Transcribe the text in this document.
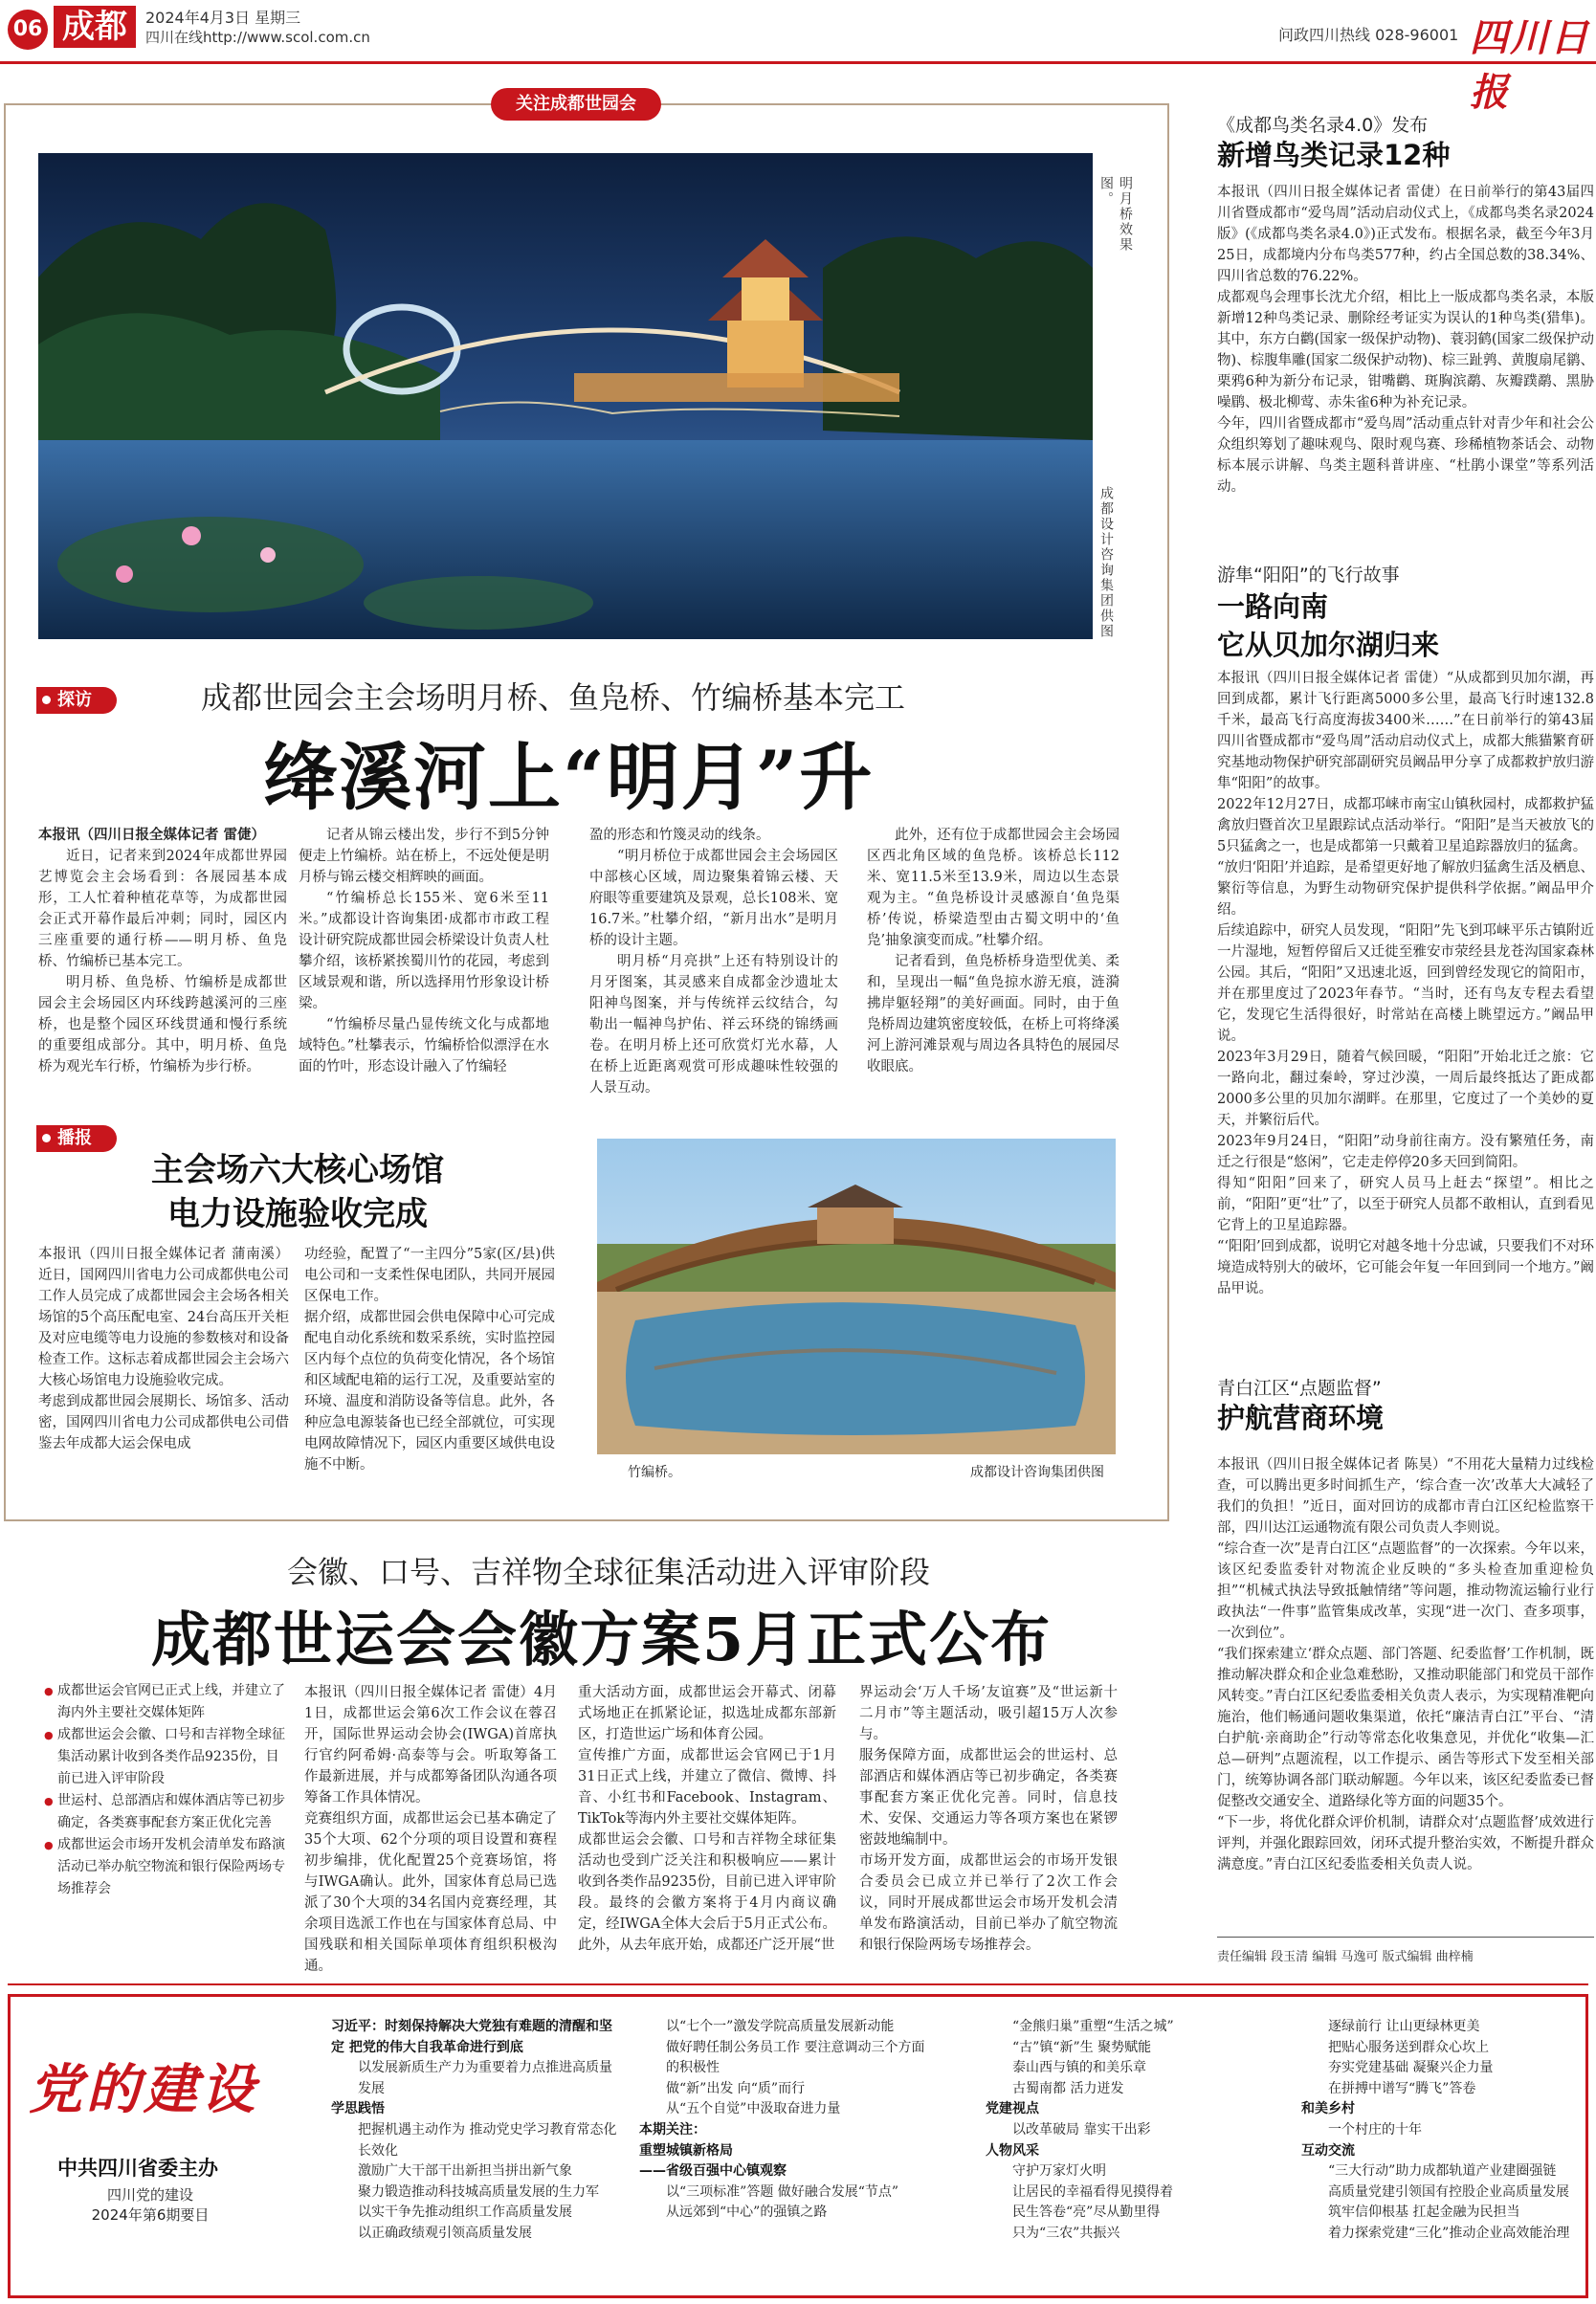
06 成都	2024年4月3日 星期三
四川在线http://www.scol.com.cn	问政四川热线 028-96001 四川日报
关注成都世园会
明月桥效果图。
成都设计咨询集团供图
探访	成都世园会主会场明月桥、鱼凫桥、竹编桥基本完工
绛溪河上“明月”升
本报讯（四川日报全媒体记者 雷倢）

近日，记者来到2024年成都世界园艺博览会主会场看到：各展园基本成形，工人忙着种植花草等，为成都世园会正式开幕作最后冲刺；同时，园区内三座重要的通行桥——明月桥、鱼凫桥、竹编桥已基本完工。

明月桥、鱼凫桥、竹编桥是成都世园会主会场园区内环线跨越溪河的三座桥，也是整个园区环线贯通和慢行系统的重要组成部分。其中，明月桥、鱼凫桥为观光车行桥，竹编桥为步行桥。

记者从锦云楼出发，步行不到5分钟便走上竹编桥。站在桥上，不远处便是明月桥与锦云楼交相辉映的画面。

“竹编桥总长155米、宽6米至11米。”成都设计咨询集团·成都市市政工程设计研究院成都世园会桥梁设计负责人杜攀介绍，该桥紧挨蜀川竹的花园，考虑到区域景观和谐，所以选择用竹形象设计桥梁。

“竹编桥尽量凸显传统文化与成都地域特色。”杜攀表示，竹编桥恰似漂浮在水面的竹叶，形态设计融入了竹编轻

盈的形态和竹篾灵动的线条。

“明月桥位于成都世园会主会场园区中部核心区域，周边聚集着锦云楼、天府眼等重要建筑及景观，总长108米、宽16.7米。”杜攀介绍，“新月出水”是明月桥的设计主题。

明月桥“月亮拱”上还有特别设计的月牙图案，其灵感来自成都金沙遗址太阳神鸟图案，并与传统祥云纹结合，勾勒出一幅神鸟护佑、祥云环绕的锦绣画卷。在明月桥上还可欣赏灯光水幕，人在桥上近距离观赏可形成趣味性较强的人景互动。

此外，还有位于成都世园会主会场园区西北角区域的鱼凫桥。该桥总长112米、宽11.5米至13.9米，周边以生态景观为主。“鱼凫桥设计灵感源自‘鱼凫渠桥’传说，桥梁造型由古蜀文明中的‘鱼凫’抽象演变而成。”杜攀介绍。

记者看到，鱼凫桥桥身造型优美、柔和，呈现出一幅“鱼凫掠水游无痕，涟漪拂岸躯轻翔”的美好画面。同时，由于鱼凫桥周边建筑密度较低，在桥上可将绛溪河上游河滩景观与周边各具特色的展园尽收眼底。

播报
主会场六大核心场馆
电力设施验收完成
本报讯（四川日报全媒体记者 蒲南溪）近日，国网四川省电力公司成都供电公司工作人员完成了成都世园会主会场各相关场馆的5个高压配电室、24台高压开关柜及对应电缆等电力设施的参数核对和设备检查工作。这标志着成都世园会主会场六大核心场馆电力设施验收完成。
考虑到成都世园会展期长、场馆多、活动密，国网四川省电力公司成都供电公司借鉴去年成都大运会保电成
功经验，配置了“一主四分”5家(区/县)供电公司和一支柔性保电团队，共同开展园区保电工作。
据介绍，成都世园会供电保障中心可完成配电自动化系统和数采系统，实时监控园区内每个点位的负荷变化情况，各个场馆和区域配电箱的运行工况，及重要站室的环境、温度和消防设备等信息。此外，各种应急电源装备也已经全部就位，可实现电网故障情况下，园区内重要区域供电设施不中断。	竹编桥。	成都设计咨询集团供图
会徽、口号、吉祥物全球征集活动进入评审阶段
成都世运会会徽方案5月正式公布
● 成都世运会官网已正式上线，并建立了海内外主要社交媒体矩阵
● 成都世运会会徽、口号和吉祥物全球征集活动累计收到各类作品9235份，目前已进入评审阶段
● 世运村、总部酒店和媒体酒店等已初步确定，各类赛事配套方案正优化完善
● 成都世运会市场开发机会清单发布路演活动已举办航空物流和银行保险两场专场推荐会
本报讯（四川日报全媒体记者 雷倢）4月1日，成都世运会第6次工作会议在蓉召开，国际世界运动会协会(IWGA)首席执行官约阿希姆·高泰等与会。听取筹备工作最新进展，并与成都筹备团队沟通各项筹备工作具体情况。
竞赛组织方面，成都世运会已基本确定了35个大项、62个分项的项目设置和赛程初步编排，优化配置25个竞赛场馆，将与IWGA确认。此外，国家体育总局已选派了30个大项的34名国内竞赛经理，其余项目选派工作也在与国家体育总局、中国残联和相关国际单项体育组织积极沟通。
重大活动方面，成都世运会开幕式、闭幕式场地正在抓紧论证，拟选址成都东部新区，打造世运广场和体育公园。
宣传推广方面，成都世运会官网已于1月31日正式上线，并建立了微信、微博、抖音、小红书和Facebook、Instagram、TikTok等海内外主要社交媒体矩阵。
成都世运会会徽、口号和吉祥物全球征集活动也受到广泛关注和积极响应——累计收到各类作品9235份，目前已进入评审阶段。最终的会徽方案将于4月内商议确定，经IWGA全体大会后于5月正式公布。此外，从去年底开始，成都还广泛开展“世
界运动会‘万人千场’友谊赛”及“世运新十二月市”等主题活动，吸引超15万人次参与。
服务保障方面，成都世运会的世运村、总部酒店和媒体酒店等已初步确定，各类赛事配套方案正优化完善。同时，信息技术、安保、交通运力等各项方案也在紧锣密鼓地编制中。
市场开发方面，成都世运会的市场开发银合委员会已成立并已举行了2次工作会议，同时开展成都世运会市场开发机会清单发布路演活动，目前已举办了航空物流和银行保险两场专场推荐会。
《成都鸟类名录4.0》发布
新增鸟类记录12种
本报讯（四川日报全媒体记者 雷倢）在日前举行的第43届四川省暨成都市“爱鸟周”活动启动仪式上，《成都鸟类名录2024版》(《成都鸟类名录4.0》)正式发布。根据名录，截至今年3月25日，成都境内分布鸟类577种，约占全国总数的38.34%、四川省总数的76.22%。
成都观鸟会理事长沈尤介绍，相比上一版成都鸟类名录，本版新增12种鸟类记录、删除经考证实为误认的1种鸟类(猎隼)。其中，东方白鹳(国家一级保护动物)、蓑羽鹤(国家二级保护动物)、棕腹隼雕(国家二级保护动物)、棕三趾鹑、黄腹扇尾鹟、栗鸦6种为新分布记录，钳嘴鹳、斑胸滨鹬、灰瓣蹼鹬、黑胁噪鹛、极北柳莺、赤朱雀6种为补充记录。
今年，四川省暨成都市“爱鸟周”活动重点针对青少年和社会公众组织筹划了趣味观鸟、限时观鸟赛、珍稀植物茶话会、动物标本展示讲解、鸟类主题科普讲座、“杜鹃小课堂”等系列活动。
游隼“阳阳”的飞行故事
一路向南
它从贝加尔湖归来
本报讯（四川日报全媒体记者 雷倢）“从成都到贝加尔湖，再回到成都，累计飞行距离5000多公里，最高飞行时速132.8千米，最高飞行高度海拔3400米……”在日前举行的第43届四川省暨成都市“爱鸟周”活动启动仪式上，成都大熊猫繁育研究基地动物保护研究部副研究员阚品甲分享了成都救护放归游隼“阳阳”的故事。
2022年12月27日，成都邛崃市南宝山镇秋园村，成都救护猛禽放归暨首次卫星跟踪试点活动举行。“阳阳”是当天被放飞的5只猛禽之一，也是成都第一只戴着卫星追踪器放归的猛禽。
“放归‘阳阳’并追踪，是希望更好地了解放归猛禽生活及栖息、繁衍等信息，为野生动物研究保护提供科学依据。”阚品甲介绍。
后续追踪中，研究人员发现，“阳阳”先飞到邛崃平乐古镇附近一片湿地，短暂停留后又迁徙至雅安市荥经县龙苍沟国家森林公园。其后，“阳阳”又迅速北返，回到曾经发现它的简阳市，并在那里度过了2023年春节。“当时，还有鸟友专程去看望它，发现它生活得很好，时常站在高楼上眺望远方。”阚品甲说。
2023年3月29日，随着气候回暖，“阳阳”开始北迁之旅：它一路向北，翻过秦岭，穿过沙漠，一周后最终抵达了距成都2000多公里的贝加尔湖畔。在那里，它度过了一个美妙的夏天，并繁衍后代。
2023年9月24日，“阳阳”动身前往南方。没有繁殖任务，南迁之行很是“悠闲”，它走走停停20多天回到简阳。
得知“阳阳”回来了，研究人员马上赶去“探望”。相比之前，“阳阳”更“壮”了，以至于研究人员都不敢相认，直到看见它背上的卫星追踪器。
“‘阳阳’回到成都，说明它对越冬地十分忠诚，只要我们不对环境造成特别大的破坏，它可能会年复一年回到同一个地方。”阚品甲说。
青白江区“点题监督”
护航营商环境
本报讯（四川日报全媒体记者 陈昊）“不用花大量精力过线检查，可以腾出更多时间抓生产，‘综合查一次’改革大大减轻了我们的负担！”近日，面对回访的成都市青白江区纪检监察干部，四川达江运通物流有限公司负责人李则说。
“综合查一次”是青白江区“点题监督”的一次探索。今年以来，该区纪委监委针对物流企业反映的“多头检查加重迎检负担”“机械式执法导致抵触情绪”等问题，推动物流运输行业行政执法“一件事”监管集成改革，实现“进一次门、查多项事，一次到位”。
“我们探索建立‘群众点题、部门答题、纪委监督’工作机制，既推动解决群众和企业急难愁盼，又推动职能部门和党员干部作风转变。”青白江区纪委监委相关负责人表示，为实现精准靶向施治，他们畅通问题收集渠道，依托“廉洁青白江”平台、“清白护航·亲商助企”行动等常态化收集意见，并优化“收集—汇总—研判”点题流程，以工作提示、函告等形式下发至相关部门，统筹协调各部门联动解题。今年以来，该区纪委监委已督促整改交通安全、道路绿化等方面的问题35个。
“下一步，将优化群众评价机制，请群众对‘点题监督’成效进行评判，并强化跟踪回效，闭环式提升整治实效，不断提升群众满意度。”青白江区纪委监委相关负责人说。
责任编辑 段玉清 编辑 马逸可 版式编辑 曲梓楠
党的建设
中共四川省委主办
四川党的建设
2024年第6期要目
习近平：时刻保持解决大党独有难题的清醒和坚定 把党的伟大自我革命进行到底
以发展新质生产力为重要着力点推进高质量发展
学思践悟
把握机遇主动作为 推动党史学习教育常态化长效化
激励广大干部干出新担当拼出新气象
聚力锻造推动科技城高质量发展的生力军
以实干争先推动组织工作高质量发展
以正确政绩观引领高质量发展
以“七个一”激发学院高质量发展新动能
做好聘任制公务员工作 要注意调动三个方面的积极性
做“新”出发 向“质”而行
从“五个自觉”中汲取奋进力量
本期关注：
重塑城镇新格局
——省级百强中心镇观察
以“三项标准”答题 做好融合发展“节点”
从远郊到“中心”的强镇之路
“金熊归巢”重塑“生活之城”
“古”镇“新”生 聚势赋能
泰山西与镇的和美乐章
古蜀南都 活力迸发
党建视点
以改革破局 靠实干出彩
人物风采
守护万家灯火明
让居民的幸福看得见摸得着
民生答卷“亮”尽从勤里得
只为“三农”共振兴
逐绿前行 让山更绿林更美
把贴心服务送到群众心坎上
夯实党建基础 凝聚兴企力量
在拼搏中谱写“腾飞”答卷
和美乡村
一个村庄的十年
互动交流
“三大行动”助力成都轨道产业建圈强链
高质量党建引领国有控股企业高质量发展
筑牢信仰根基 扛起金融为民担当
着力探索党建“三化”推动企业高效能治理
